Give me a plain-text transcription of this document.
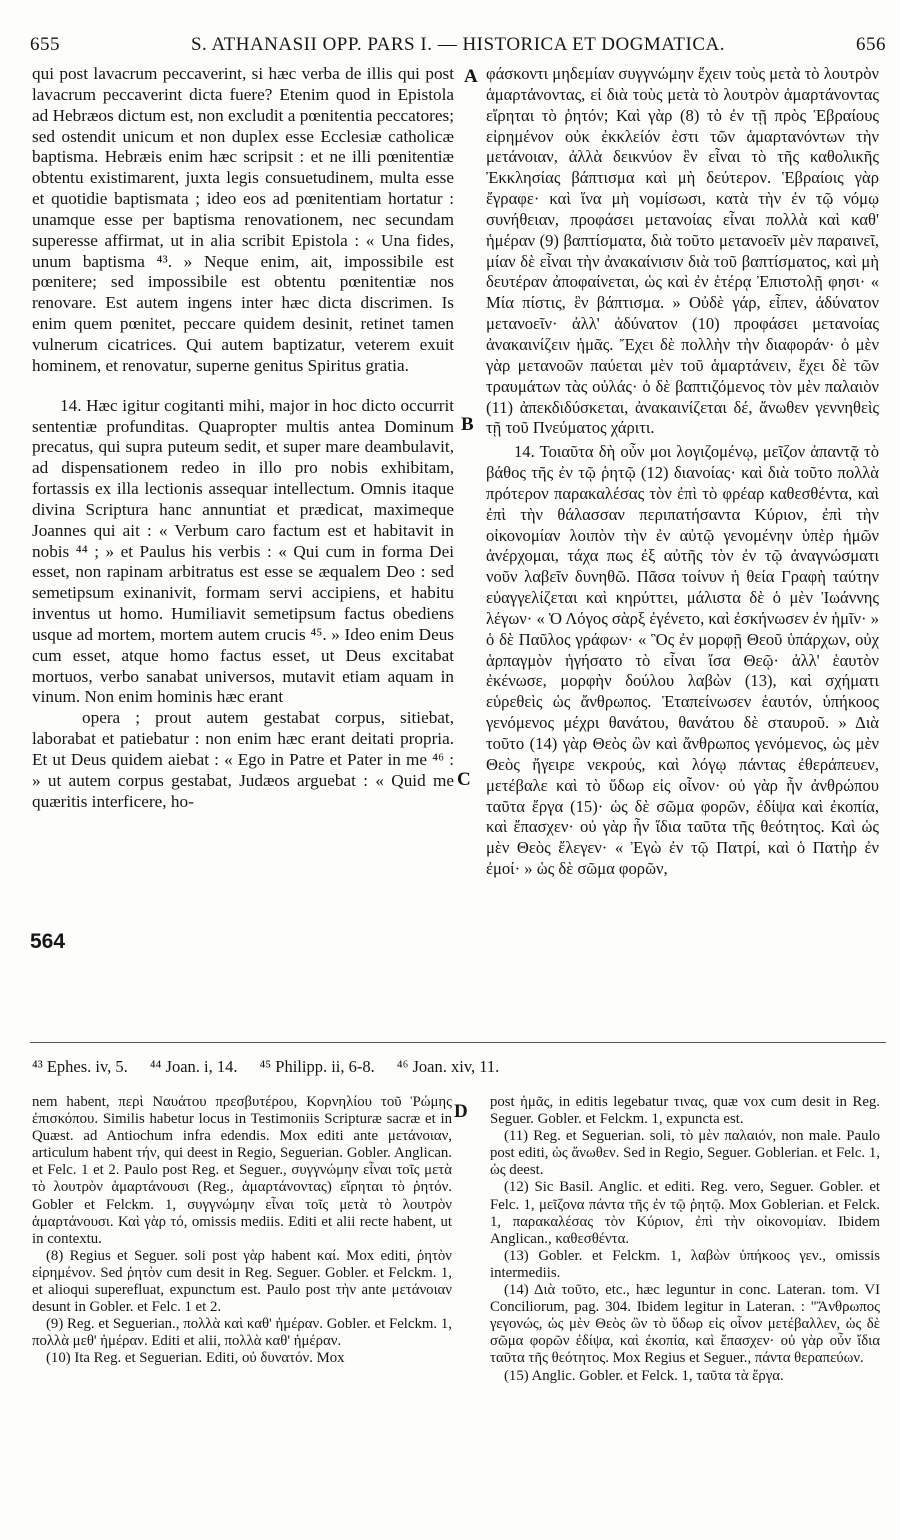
655	S. ATHANASII OPP. PARS I. — HISTORICA ET DOGMATICA.	656

qui post lavacrum peccaverint, si hæc verba de illis qui post lavacrum peccaverint dicta fuere? Etenim quod in Epistola ad Hebræos dictum est, non excludit a pœnitentia peccatores; sed ostendit unicum et non duplex esse Ecclesiæ catholicæ baptisma. Hebræis enim hæc scripsit : et ne illi pœnitentiæ obtentu existimarent, juxta legis consuetudinem, multa esse et quotidie baptismata ; ideo eos ad pœnitentiam hortatur : unamque esse per baptisma renovationem, nec secundam superesse affirmat, ut in alia scribit Epistola : « Una fides, unum baptisma ⁴³. » Neque enim, ait, impossibile est pœnitere; sed impossibile est obtentu pœnitentiæ nos renovare. Est autem ingens inter hæc dicta discrimen. Is enim quem pœnitet, peccare quidem desinit, retinet tamen vulnerum cicatrices. Qui autem baptizatur, veterem exuit hominem, et renovatur, superne genitus Spiritus gratia.

14. Hæc igitur cogitanti mihi, major in hoc dicto occurrit sententiæ profunditas. Quapropter multis antea Dominum precatus, qui supra puteum sedit, et super mare deambulavit, ad dispensationem redeo in illo pro nobis exhibitam, fortassis ex illa lectionis assequar intellectum. Omnis itaque divina Scriptura hanc annuntiat et prædicat, maximeque Joannes qui ait : « Verbum caro factum est et habitavit in nobis ⁴⁴ ; » et Paulus his verbis : « Qui cum in forma Dei esset, non rapinam arbitratus est esse se æqualem Deo : sed semetipsum exinanivit, formam servi accipiens, et habitu inventus ut homo. Humiliavit semetipsum factus obediens usque ad mortem, mortem autem crucis ⁴⁵. » Ideo enim Deus cum esset, atque homo factus esset, ut Deus excitabat mortuos, verbo sanabat universos, mutavit etiam aquam in vinum. Non enim hominis hæc erant

opera ; prout autem gestabat corpus, sitiebat, laborabat et patiebatur : non enim hæc erant deitati propria. Et ut Deus quidem aiebat : « Ego in Patre et Pater in me ⁴⁶ : » ut autem corpus gestabat, Judæos arguebat : « Quid me quæritis interficere, ho-

φάσκοντι μηδεμίαν συγγνώμην ἔχειν τοὺς μετὰ τὸ λουτρὸν ἁμαρτάνοντας, εἰ διὰ τοὺς μετὰ τὸ λουτρὸν ἁμαρτάνοντας εἴρηται τὸ ῥητόν; Καὶ γὰρ (8) τὸ ἐν τῇ πρὸς Ἑβραίους εἰρημένον οὐκ ἐκκλείόν ἐστι τῶν ἁμαρτανόντων τὴν μετάνοιαν, ἀλλὰ δεικνύον ἓν εἶναι τὸ τῆς καθολικῆς Ἐκκλησίας βάπτισμα καὶ μὴ δεύτερον. Ἑβραίοις γὰρ ἔγραφε· καὶ ἵνα μὴ νομίσωσι, κατὰ τὴν ἐν τῷ νόμῳ συνήθειαν, προφάσει μετανοίας εἶναι πολλὰ καὶ καθ' ἡμέραν (9) βαπτίσματα, διὰ τοῦτο μετανοεῖν μὲν παραινεῖ, μίαν δὲ εἶναι τὴν ἀνακαίνισιν διὰ τοῦ βαπτίσματος, καὶ μὴ δευτέραν ἀποφαίνεται, ὡς καὶ ἐν ἑτέρᾳ Ἐπιστολῇ φησι· « Μία πίστις, ἓν βάπτισμα. » Οὐδὲ γάρ, εἶπεν, ἀδύνατον μετανοεῖν· ἀλλ' ἀδύνατον (10) προφάσει μετανοίας ἀνακαινίζειν ἡμᾶς. Ἔχει δὲ πολλὴν τὴν διαφοράν· ὁ μὲν γὰρ μετανοῶν παύεται μὲν τοῦ ἁμαρτάνειν, ἔχει δὲ τῶν τραυμάτων τὰς οὐλάς· ὁ δὲ βαπτιζόμενος τὸν μὲν παλαιὸν (11) ἀπεκδιδύσκεται, ἀνακαινίζεται δέ, ἄνωθεν γεννηθεὶς τῇ τοῦ Πνεύματος χάριτι.

14. Τοιαῦτα δὴ οὖν μοι λογιζομένῳ, μεῖζον ἀπαντᾷ τὸ βάθος τῆς ἐν τῷ ῥητῷ (12) διανοίας· καὶ διὰ τοῦτο πολλὰ πρότερον παρακαλέσας τὸν ἐπὶ τὸ φρέαρ καθεσθέντα, καὶ ἐπὶ τὴν θάλασσαν περιπατήσαντα Κύριον, ἐπὶ τὴν οἰκονομίαν λοιπὸν τὴν ἐν αὐτῷ γενομένην ὑπὲρ ἡμῶν ἀνέρχομαι, τάχα πως ἐξ αὐτῆς τὸν ἐν τῷ ἀναγνώσματι νοῦν λαβεῖν δυνηθῶ. Πᾶσα τοίνυν ἡ θεία Γραφὴ ταύτην εὐαγγελίζεται καὶ κηρύττει, μάλιστα δὲ ὁ μὲν Ἰωάννης λέγων· « Ὁ Λόγος σὰρξ ἐγένετο, καὶ ἐσκήνωσεν ἐν ἡμῖν· » ὁ δὲ Παῦλος γράφων· « Ὃς ἐν μορφῇ Θεοῦ ὑπάρχων, οὐχ ἁρπαγμὸν ἡγήσατο τὸ εἶναι ἴσα Θεῷ· ἀλλ' ἑαυτὸν ἐκένωσε, μορφὴν δούλου λαβὼν (13), καὶ σχήματι εὑρεθεὶς ὡς ἄνθρωπος. Ἐταπείνωσεν ἑαυτόν, ὑπήκοος γενόμενος μέχρι θανάτου, θανάτου δὲ σταυροῦ. » Διὰ τοῦτο (14) γὰρ Θεὸς ὢν καὶ ἄνθρωπος γενόμενος, ὡς μὲν Θεὸς ἤγειρε νεκρούς, καὶ λόγῳ πάντας ἐθεράπευεν, μετέβαλε καὶ τὸ ὕδωρ εἰς οἶνον· οὐ γὰρ ἦν ἀνθρώπου ταῦτα ἔργα (15)· ὡς δὲ σῶμα φορῶν, ἐδίψα καὶ ἐκοπία, καὶ ἔπασχεν· οὐ γὰρ ἦν ἴδια ταῦτα τῆς θεότητος. Καὶ ὡς μὲν Θεὸς ἔλεγεν· « Ἐγὼ ἐν τῷ Πατρί, καὶ ὁ Πατὴρ ἐν ἐμοί· » ὡς δὲ σῶμα φορῶν,

A
B
C
D
564
⁴³ Ephes. iv, 5. ⁴⁴ Joan. i, 14. ⁴⁵ Philipp. ii, 6-8. ⁴⁶ Joan. xiv, 11.

nem habent, περὶ Ναυάτου πρεσβυτέρου, Κορνηλίου τοῦ Ῥώμης ἐπισκόπου. Similis habetur locus in Testimoniis Scripturæ sacræ et in Quæst. ad Antiochum infra edendis. Mox editi ante μετάνοιαν, articulum habent τήν, qui deest in Regio, Seguerian. Gobler. Anglican. et Felc. 1 et 2. Paulo post Reg. et Seguer., συγγνώμην εἶναι τοῖς μετὰ τὸ λουτρὸν ἁμαρτάνουσι (Reg., ἁμαρτάνοντας) εἴρηται τὸ ῥητόν. Gobler et Felckm. 1, συγγνώμην εἶναι τοῖς μετὰ τὸ λουτρὸν ἁμαρτάνουσι. Καὶ γὰρ τό, omissis mediis. Editi et alii recte habent, ut in contextu.

(8) Regius et Seguer. soli post γὰρ habent καί. Mox editi, ῥητὸν εἰρημένον. Sed ῥητὸν cum desit in Reg. Seguer. Gobler. et Felckm. 1, et alioqui superefluat, expunctum est. Paulo post τὴν ante μετάνοιαν desunt in Gobler. et Felc. 1 et 2.

(9) Reg. et Seguerian., πολλὰ καὶ καθ' ἡμέραν. Gobler. et Felckm. 1, πολλὰ μεθ' ἡμέραν. Editi et alii, πολλὰ καθ' ἡμέραν.

(10) Ita Reg. et Seguerian. Editi, οὐ δυνατόν. Mox

post ἡμᾶς, in editis legebatur τινας, quæ vox cum desit in Reg. Seguer. Gobler. et Felckm. 1, expuncta est.

(11) Reg. et Seguerian. soli, τὸ μὲν παλαιόν, non male. Paulo post editi, ὡς ἄνωθεν. Sed in Regio, Seguer. Goblerian. et Felc. 1, ὡς deest.

(12) Sic Basil. Anglic. et editi. Reg. vero, Seguer. Gobler. et Felc. 1, μεῖζονα πάντα τῆς ἐν τῷ ῥητῷ. Mox Goblerian. et Felck. 1, παρακαλέσας τὸν Κύριον, ἐπὶ τὴν οἰκονομίαν. Ibidem Anglican., καθεσθέντα.

(13) Gobler. et Felckm. 1, λαβὼν ὑπήκοος γεν., omissis intermediis.

(14) Διὰ τοῦτο, etc., hæc leguntur in conc. Lateran. tom. VI Conciliorum, pag. 304. Ibidem legitur in Lateran. : "Ἄνθρωπος γεγονώς, ὡς μὲν Θεὸς ὢν τὸ ὕδωρ εἰς οἶνον μετέβαλλεν, ὡς δὲ σῶμα φορῶν ἐδίψα, καὶ ἐκοπία, καὶ ἔπασχεν· οὐ γὰρ οὖν ἴδια ταῦτα τῆς θεότητος. Mox Regius et Seguer., πάντα θεραπεύων.

(15) Anglic. Gobler. et Felck. 1, ταῦτα τὰ ἔργα.
